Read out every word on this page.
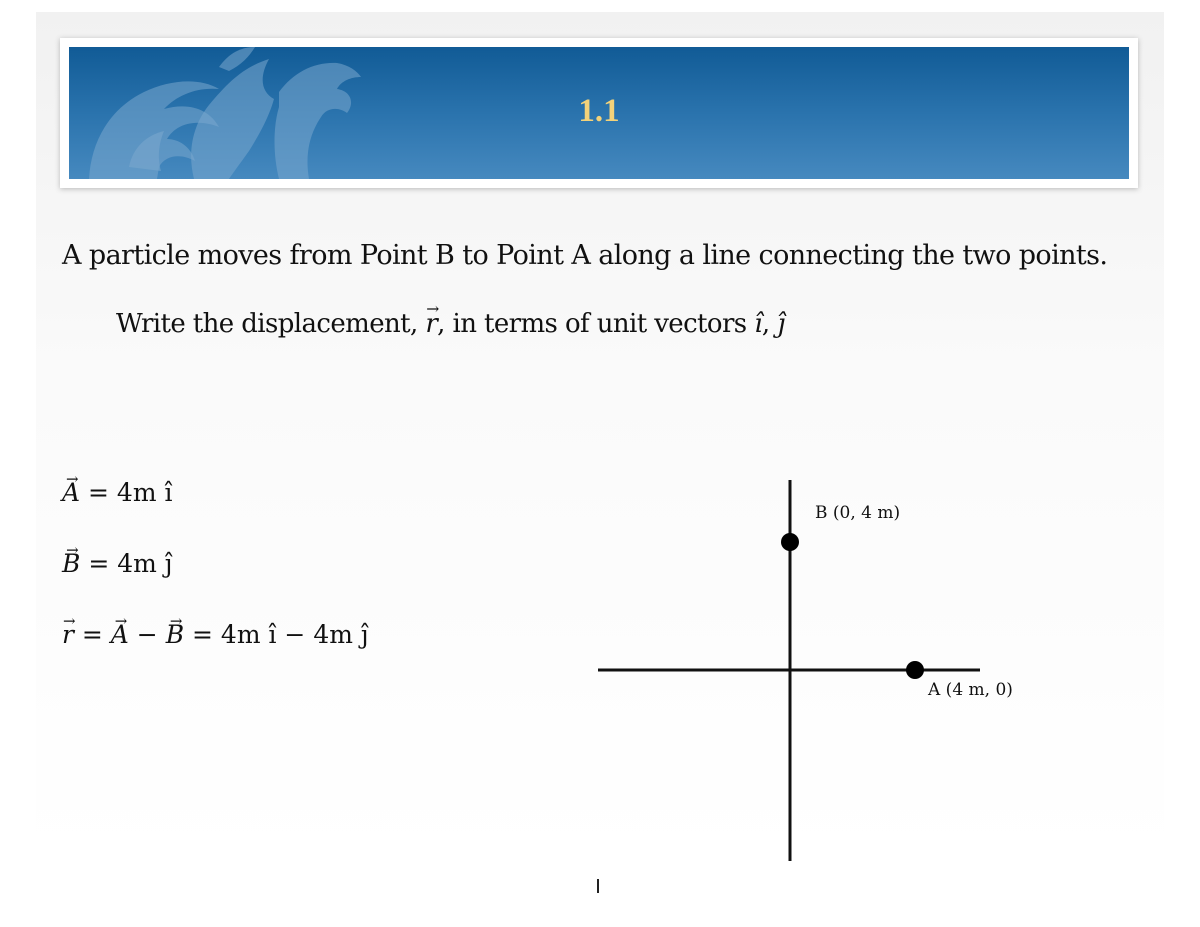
1.1
A particle moves from Point B to Point A along a line connecting the two points.
Write the displacement, r →, in terms of unit vectors ı̂, ȷ̂
A → = 4m ı̂
B → = 4m ȷ̂
r → = A → − B → = 4m ı̂ − 4m ȷ̂
B (0, 4 m)
A (4 m, 0)
